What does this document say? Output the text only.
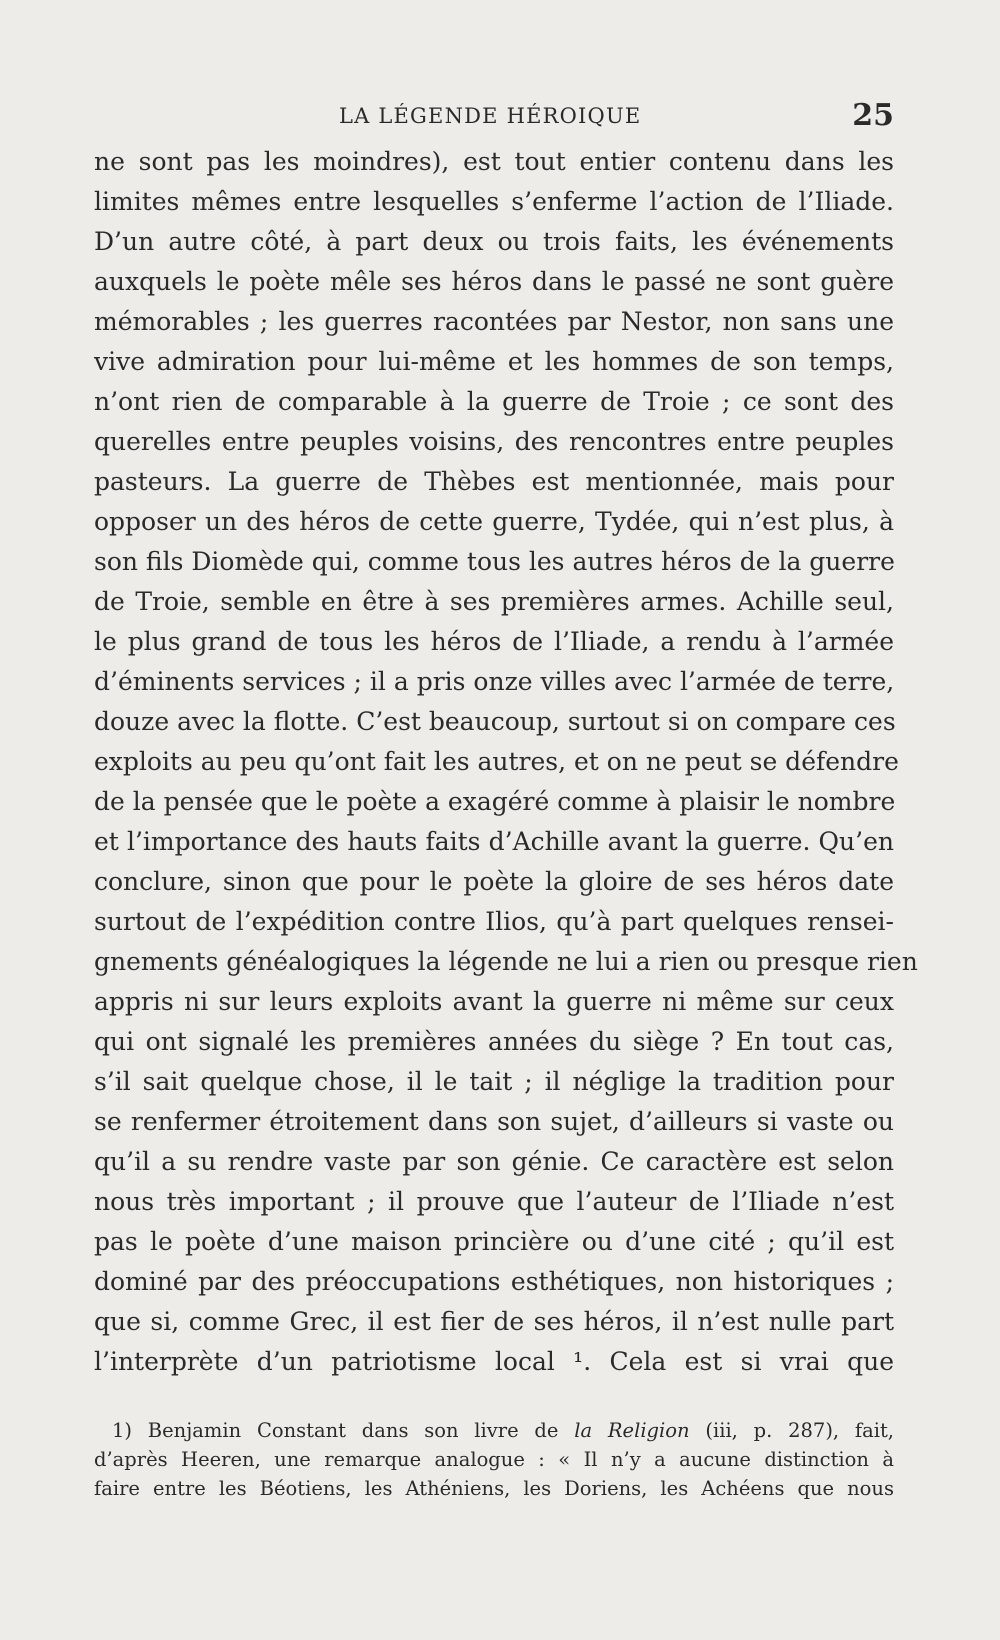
LA LÉGENDE HÉROIQUE	25
ne sont pas les moindres), est tout entier contenu dans les
limites mêmes entre lesquelles s’enferme l’action de l’Iliade.
D’un autre côté, à part deux ou trois faits, les événements
auxquels le poète mêle ses héros dans le passé ne sont guère
mémorables ; les guerres racontées par Nestor, non sans une
vive admiration pour lui-même et les hommes de son temps,
n’ont rien de comparable à la guerre de Troie ; ce sont des
querelles entre peuples voisins, des rencontres entre peuples
pasteurs. La guerre de Thèbes est mentionnée, mais pour
opposer un des héros de cette guerre, Tydée, qui n’est plus, à
son fils Diomède qui, comme tous les autres héros de la guerre
de Troie, semble en être à ses premières armes. Achille seul,
le plus grand de tous les héros de l’Iliade, a rendu à l’armée
d’éminents services ; il a pris onze villes avec l’armée de terre,
douze avec la flotte. C’est beaucoup, surtout si on compare ces
exploits au peu qu’ont fait les autres, et on ne peut se défendre
de la pensée que le poète a exagéré comme à plaisir le nombre
et l’importance des hauts faits d’Achille avant la guerre. Qu’en
conclure, sinon que pour le poète la gloire de ses héros date
surtout de l’expédition contre Ilios, qu’à part quelques rensei-
gnements généalogiques la légende ne lui a rien ou presque rien
appris ni sur leurs exploits avant la guerre ni même sur ceux
qui ont signalé les premières années du siège ? En tout cas,
s’il sait quelque chose, il le tait ; il néglige la tradition pour
se renfermer étroitement dans son sujet, d’ailleurs si vaste ou
qu’il a su rendre vaste par son génie. Ce caractère est selon
nous très important ; il prouve que l’auteur de l’Iliade n’est
pas le poète d’une maison princière ou d’une cité ; qu’il est
dominé par des préoccupations esthétiques, non historiques ;
que si, comme Grec, il est fier de ses héros, il n’est nulle part
l’interprète d’un patriotisme local ¹. Cela est si vrai que
1) Benjamin Constant dans son livre de la Religion (iii, p. 287), fait,
d’après Heeren, une remarque analogue : « Il n’y a aucune distinction à
faire entre les Béotiens, les Athéniens, les Doriens, les Achéens que nous
